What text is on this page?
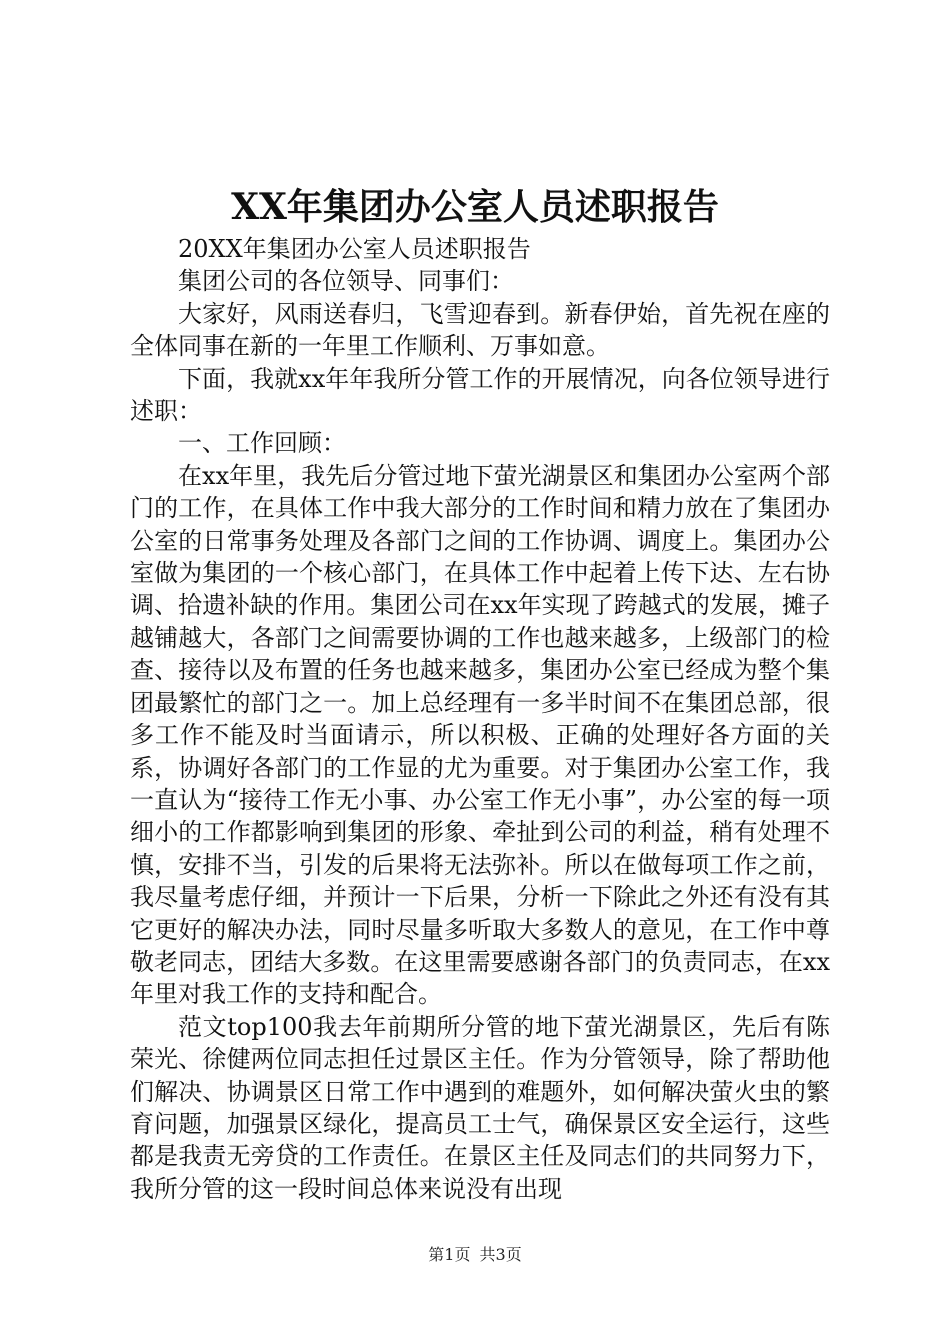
XX年集团办公室人员述职报告

20XX年集团办公室人员述职报告

集团公司的各位领导、同事们：

大家好，风雨送春归，飞雪迎春到。新春伊始，首先祝在座的全体同事在新的一年里工作顺利、万事如意。

下面，我就xx年年我所分管工作的开展情况，向各位领导进行述职：

一、工作回顾：

在xx年里，我先后分管过地下萤光湖景区和集团办公室两个部门的工作，在具体工作中我大部分的工作时间和精力放在了集团办公室的日常事务处理及各部门之间的工作协调、调度上。集团办公室做为集团的一个核心部门，在具体工作中起着上传下达、左右协调、拾遗补缺的作用。集团公司在xx年实现了跨越式的发展，摊子越铺越大，各部门之间需要协调的工作也越来越多，上级部门的检查、接待以及布置的任务也越来越多，集团办公室已经成为整个集团最繁忙的部门之一。加上总经理有一多半时间不在集团总部，很多工作不能及时当面请示，所以积极、正确的处理好各方面的关系，协调好各部门的工作显的尤为重要。对于集团办公室工作，我一直认为“接待工作无小事、办公室工作无小事”，办公室的每一项细小的工作都影响到集团的形象、牵扯到公司的利益，稍有处理不慎，安排不当，引发的后果将无法弥补。所以在做每项工作之前，我尽量考虑仔细，并预计一下后果，分析一下除此之外还有没有其它更好的解决办法，同时尽量多听取大多数人的意见，在工作中尊敬老同志，团结大多数。在这里需要感谢各部门的负责同志，在xx年里对我工作的支持和配合。

范文top100我去年前期所分管的地下萤光湖景区，先后有陈荣光、徐健两位同志担任过景区主任。作为分管领导，除了帮助他们解决、协调景区日常工作中遇到的难题外，如何解决萤火虫的繁育问题，加强景区绿化，提高员工士气，确保景区安全运行，这些都是我责无旁贷的工作责任。在景区主任及同志们的共同努力下，我所分管的这一段时间总体来说没有出现

第1页 共3页
